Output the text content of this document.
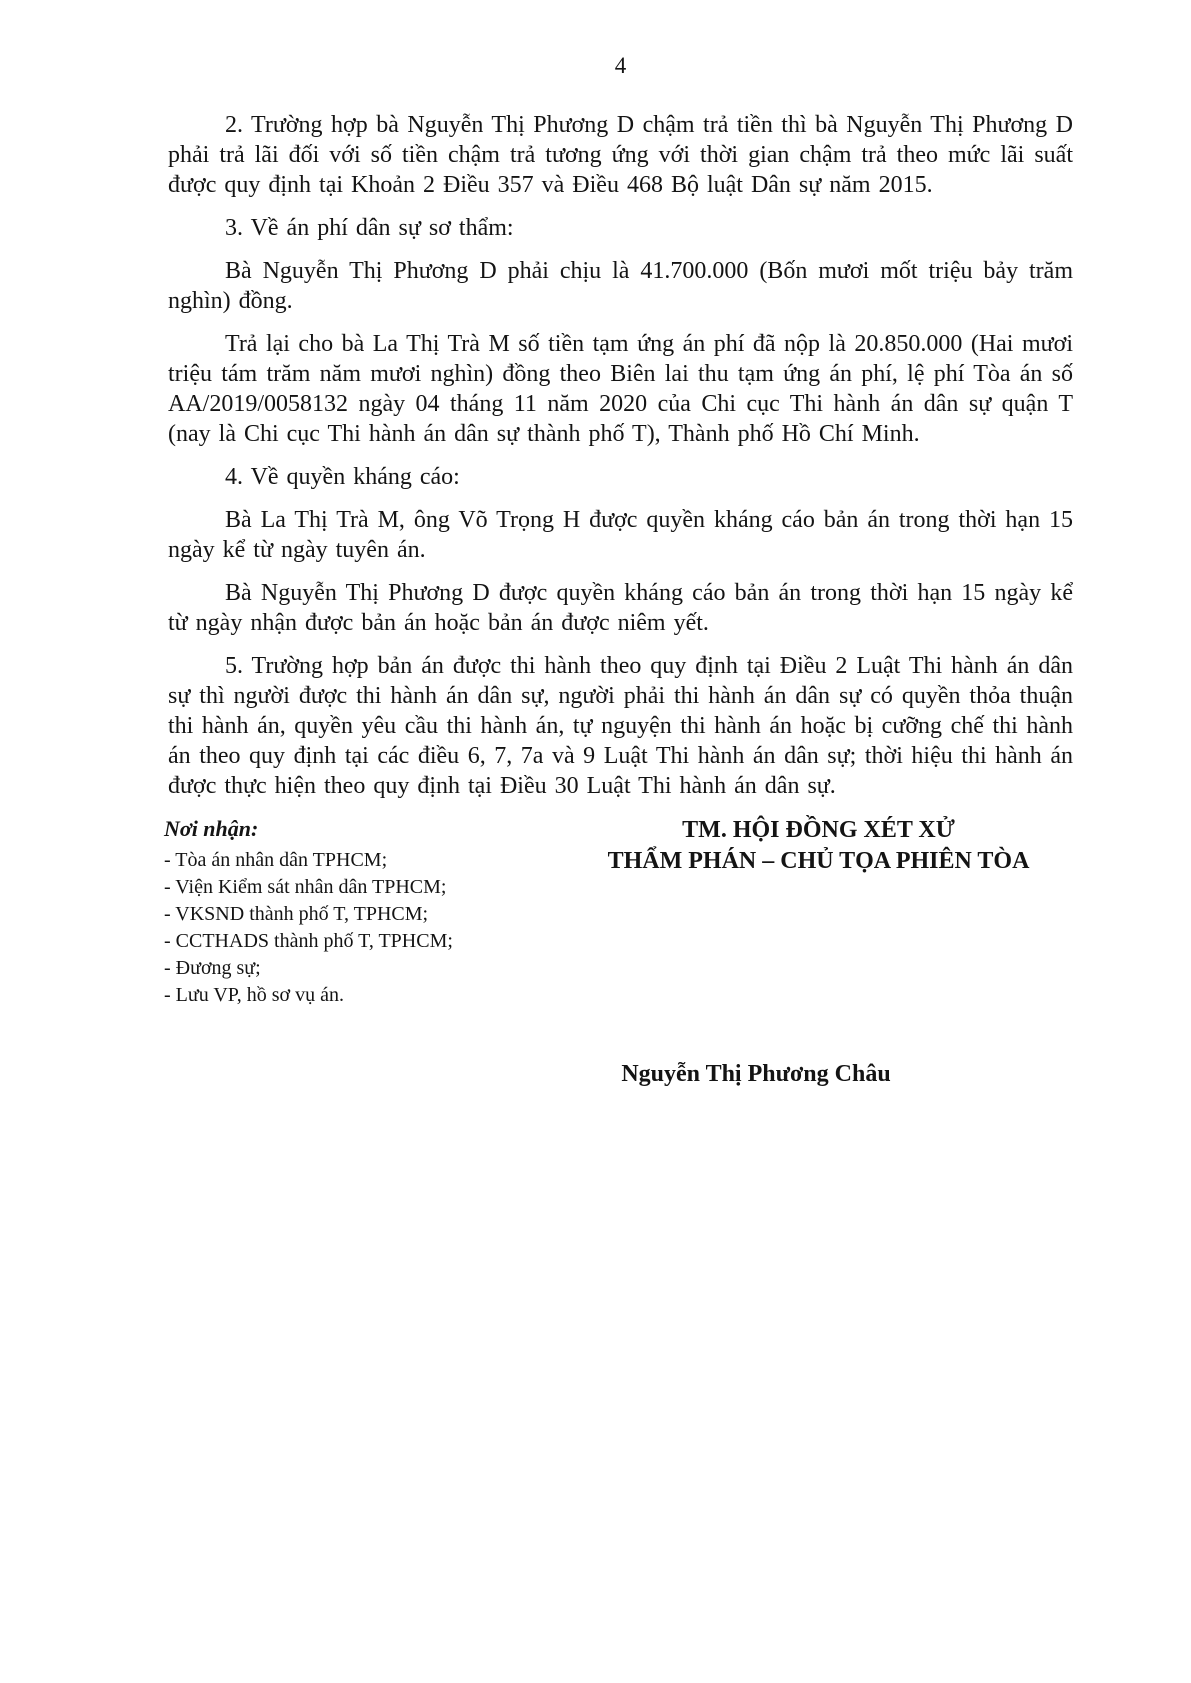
4

2. Trường hợp bà Nguyễn Thị Phương D chậm trả tiền thì bà Nguyễn Thị Phương D phải trả lãi đối với số tiền chậm trả tương ứng với thời gian chậm trả theo mức lãi suất được quy định tại Khoản 2 Điều 357 và Điều 468 Bộ luật Dân sự năm 2015.

3. Về án phí dân sự sơ thẩm:

Bà Nguyễn Thị Phương D phải chịu là 41.700.000 (Bốn mươi mốt triệu bảy trăm nghìn) đồng.

Trả lại cho bà La Thị Trà M số tiền tạm ứng án phí đã nộp là 20.850.000 (Hai mươi triệu tám trăm năm mươi nghìn) đồng theo Biên lai thu tạm ứng án phí, lệ phí Tòa án số AA/2019/0058132 ngày 04 tháng 11 năm 2020 của Chi cục Thi hành án dân sự quận T (nay là Chi cục Thi hành án dân sự thành phố T), Thành phố Hồ Chí Minh.

4. Về quyền kháng cáo:

Bà La Thị Trà M, ông Võ Trọng H được quyền kháng cáo bản án trong thời hạn 15 ngày kể từ ngày tuyên án.

Bà Nguyễn Thị Phương D được quyền kháng cáo bản án trong thời hạn 15 ngày kể từ ngày nhận được bản án hoặc bản án được niêm yết.

5. Trường hợp bản án được thi hành theo quy định tại Điều 2 Luật Thi hành án dân sự thì người được thi hành án dân sự, người phải thi hành án dân sự có quyền thỏa thuận thi hành án, quyền yêu cầu thi hành án, tự nguyện thi hành án hoặc bị cưỡng chế thi hành án theo quy định tại các điều 6, 7, 7a và 9 Luật Thi hành án dân sự; thời hiệu thi hành án được thực hiện theo quy định tại Điều 30 Luật Thi hành án dân sự.

Nơi nhận:
- Tòa án nhân dân TPHCM;
- Viện Kiểm sát nhân dân TPHCM;
- VKSND thành phố T, TPHCM;
- CCTHADS thành phố T, TPHCM;
- Đương sự;
- Lưu VP, hồ sơ vụ án.
TM. HỘI ĐỒNG XÉT XỬ
THẨM PHÁN – CHỦ TỌA PHIÊN TÒA
Nguyễn Thị Phương Châu
